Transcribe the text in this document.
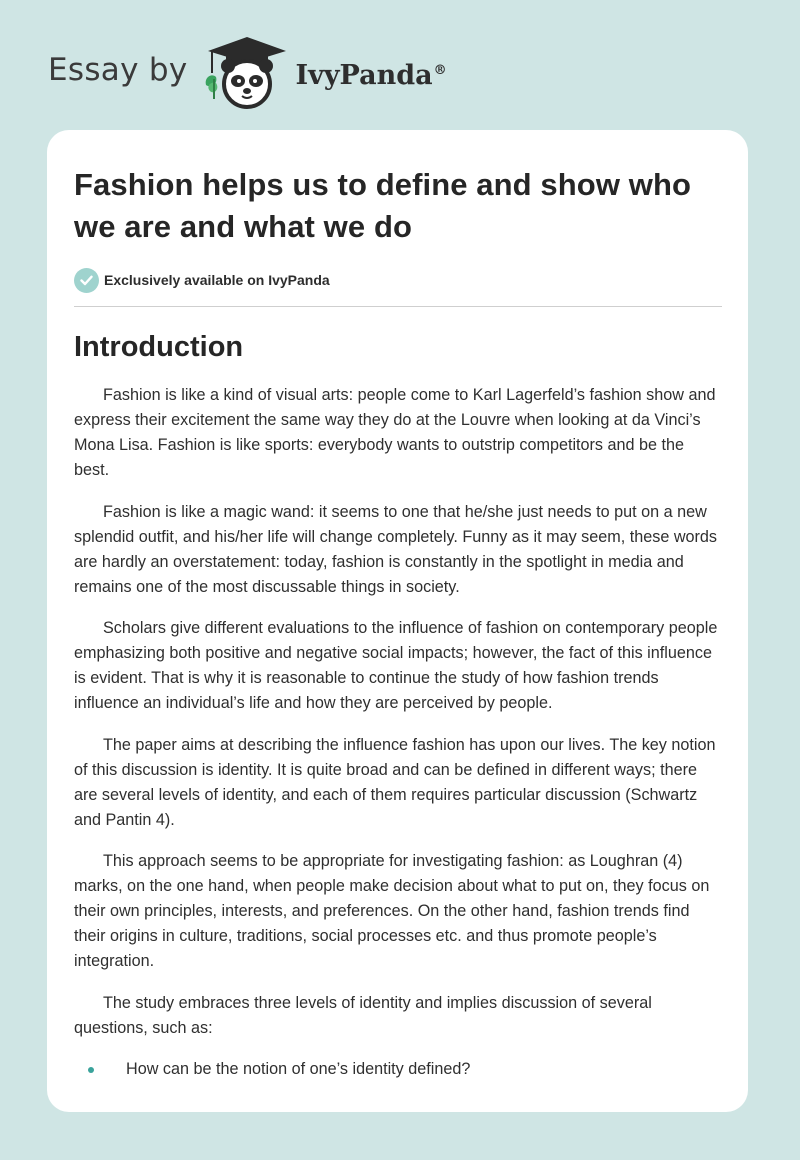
Essay by	IvyPanda®
Fashion helps us to define and show who we are and what we do
Exclusively available on IvyPanda
Introduction

Fashion is like a kind of visual arts: people come to Karl Lagerfeld’s fashion show and express their excitement the same way they do at the Louvre when looking at da Vinci’s Mona Lisa. Fashion is like sports: everybody wants to outstrip competitors and be the best.

Fashion is like a magic wand: it seems to one that he/she just needs to put on a new splendid outfit, and his/her life will change completely. Funny as it may seem, these words are hardly an overstatement: today, fashion is constantly in the spotlight in media and remains one of the most discussable things in society.

Scholars give different evaluations to the influence of fashion on contemporary people emphasizing both positive and negative social impacts; however, the fact of this influence is evident. That is why it is reasonable to continue the study of how fashion trends influence an individual’s life and how they are perceived by people.

The paper aims at describing the influence fashion has upon our lives. The key notion of this discussion is identity. It is quite broad and can be defined in different ways; there are several levels of identity, and each of them requires particular discussion (Schwartz and Pantin 4).

This approach seems to be appropriate for investigating fashion: as Loughran (4) marks, on the one hand, when people make decision about what to put on, they focus on their own principles, interests, and preferences. On the other hand, fashion trends find their origins in culture, traditions, social processes etc. and thus promote people’s integration.

The study embraces three levels of identity and implies discussion of several questions, such as:

How can be the notion of one’s identity defined?
